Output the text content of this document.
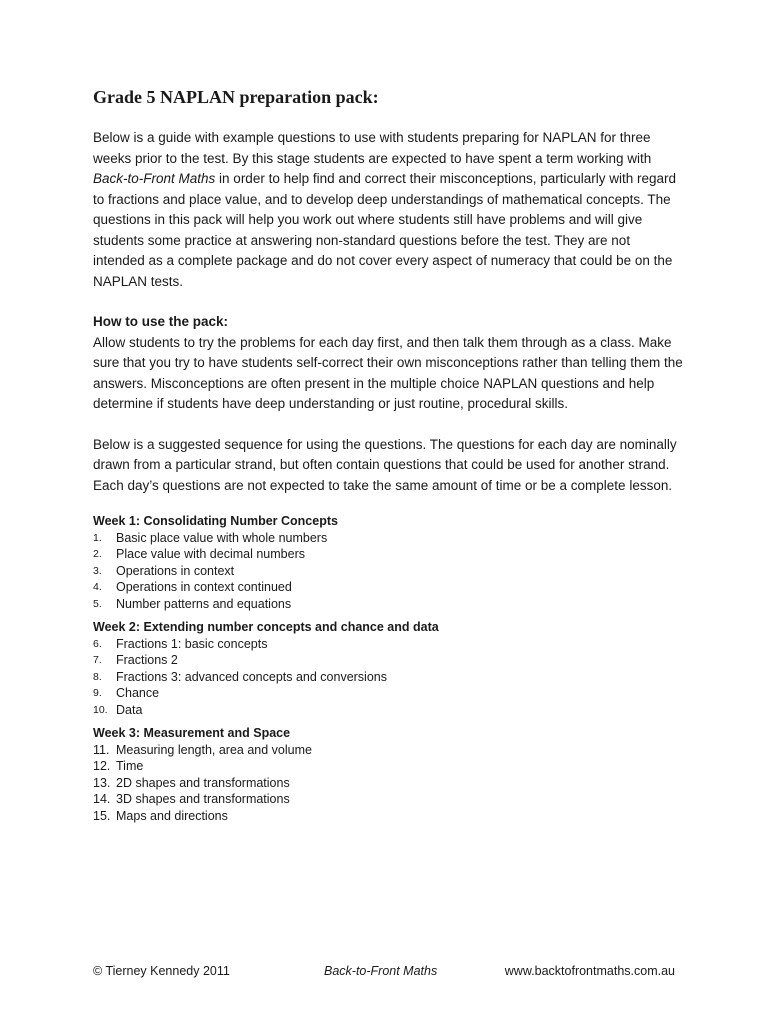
Grade 5 NAPLAN preparation pack:

Below is a guide with example questions to use with students preparing for NAPLAN for three weeks prior to the test. By this stage students are expected to have spent a term working with Back-to-Front Maths in order to help find and correct their misconceptions, particularly with regard to fractions and place value, and to develop deep understandings of mathematical concepts. The questions in this pack will help you work out where students still have problems and will give students some practice at answering non-standard questions before the test. They are not intended as a complete package and do not cover every aspect of numeracy that could be on the NAPLAN tests.

How to use the pack:

Allow students to try the problems for each day first, and then talk them through as a class. Make sure that you try to have students self-correct their own misconceptions rather than telling them the answers. Misconceptions are often present in the multiple choice NAPLAN questions and help determine if students have deep understanding or just routine, procedural skills.

Below is a suggested sequence for using the questions. The questions for each day are nominally drawn from a particular strand, but often contain questions that could be used for another strand. Each day’s questions are not expected to take the same amount of time or be a complete lesson.

Week 1: Consolidating Number Concepts

1.	Basic place value with whole numbers
2.	Place value with decimal numbers
3.	Operations in context
4.	Operations in context continued
5.	Number patterns and equations

Week 2: Extending number concepts and chance and data

6.	Fractions 1: basic concepts
7.	Fractions 2
8.	Fractions 3: advanced concepts and conversions
9.	Chance
10. Data

Week 3: Measurement and Space

11. Measuring length, area and volume
12. Time
13. 2D shapes and transformations
14. 3D shapes and transformations
15. Maps and directions
© Tierney Kennedy 2011	Back-to-Front Maths	www.backtofrontmaths.com.au
